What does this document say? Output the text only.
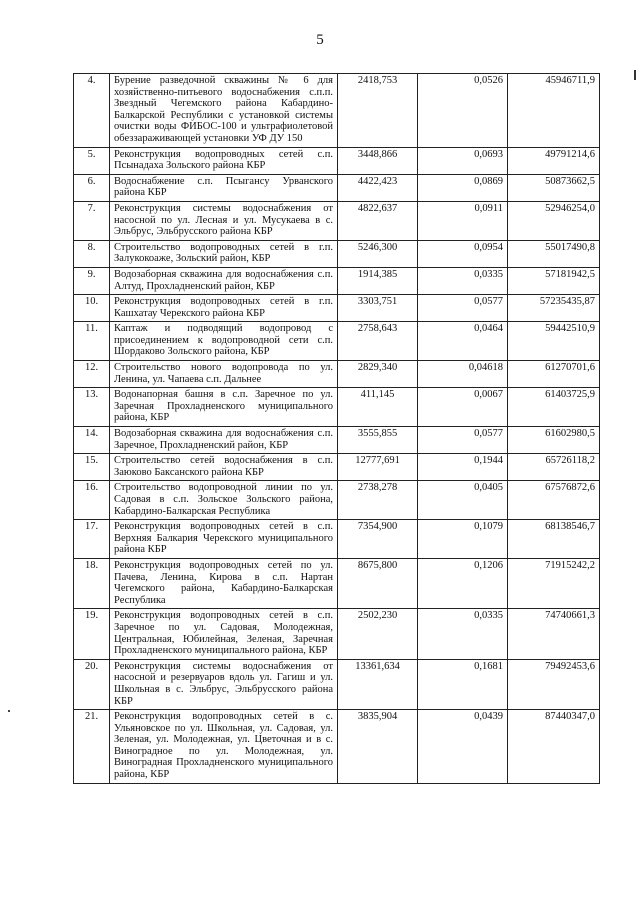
5
4.	Бурение разведочной скважины № 6 для хозяйственно-питьевого водоснабжения с.п.п. Звездный Чегемского района Кабардино-Балкарской Республики с установкой системы очистки воды ФИБОС-100 и ультрафиолетовой обеззараживающей установки УФ ДУ 150	2418,753	0,0526	45946711,9
5.	Реконструкция водопроводных сетей с.п. Псынадаха Зольского района КБР	3448,866	0,0693	49791214,6
6.	Водоснабжение с.п. Псыгансу Урванского района КБР	4422,423	0,0869	50873662,5
7.	Реконструкция системы водоснабжения от насосной по ул. Лесная и ул. Мусукаева в с. Эльбрус, Эльбрусского района КБР	4822,637	0,0911	52946254,0
8.	Строительство водопроводных сетей в г.п. Залукокоаже, Зольский район, КБР	5246,300	0,0954	55017490,8
9.	Водозаборная скважина для водоснабжения с.п. Алтуд, Прохладненский район, КБР	1914,385	0,0335	57181942,5
10.	Реконструкция водопроводных сетей в г.п. Кашхатау Черекского района КБР	3303,751	0,0577	57235435,87
11.	Каптаж и подводящий водопровод с присоединением к водопроводной сети с.п. Шордаково Зольского района, КБР	2758,643	0,0464	59442510,9
12.	Строительство нового водопровода по ул. Ленина, ул. Чапаева с.п. Дальнее	2829,340	0,04618	61270701,6
13.	Водонапорная башня в с.п. Заречное по ул. Заречная Прохладненского муниципального района, КБР	411,145	0,0067	61403725,9
14.	Водозаборная скважина для водоснабжения с.п. Заречное, Прохладненский район, КБР	3555,855	0,0577	61602980,5
15.	Строительство сетей водоснабжения в с.п. Заюково Баксанского района КБР	12777,691	0,1944	65726118,2
16.	Строительство водопроводной линии по ул. Садовая в с.п. Зольское Зольского района, Кабардино-Балкарская Республика	2738,278	0,0405	67576872,6
17.	Реконструкция водопроводных сетей в с.п. Верхняя Балкария Черекского муниципального района КБР	7354,900	0,1079	68138546,7
18.	Реконструкция водопроводных сетей по ул. Пачева, Ленина, Кирова в с.п. Нартан Чегемского района, Кабардино-Балкарская Республика	8675,800	0,1206	71915242,2
19.	Реконструкция водопроводных сетей в с.п. Заречное по ул. Садовая, Молодежная, Центральная, Юбилейная, Зеленая, Заречная Прохладненского муниципального района, КБР	2502,230	0,0335	74740661,3
20.	Реконструкция системы водоснабжения от насосной и резервуаров вдоль ул. Гагиш и ул. Школьная в с. Эльбрус, Эльбрусского района КБР	13361,634	0,1681	79492453,6
21.	Реконструкция водопроводных сетей в с. Ульяновское по ул. Школьная, ул. Садовая, ул. Зеленая, ул. Молодежная, ул. Цветочная и в с. Виноградное по ул. Молодежная, ул. Виноградная Прохладненского муниципального района, КБР	3835,904	0,0439	87440347,0
